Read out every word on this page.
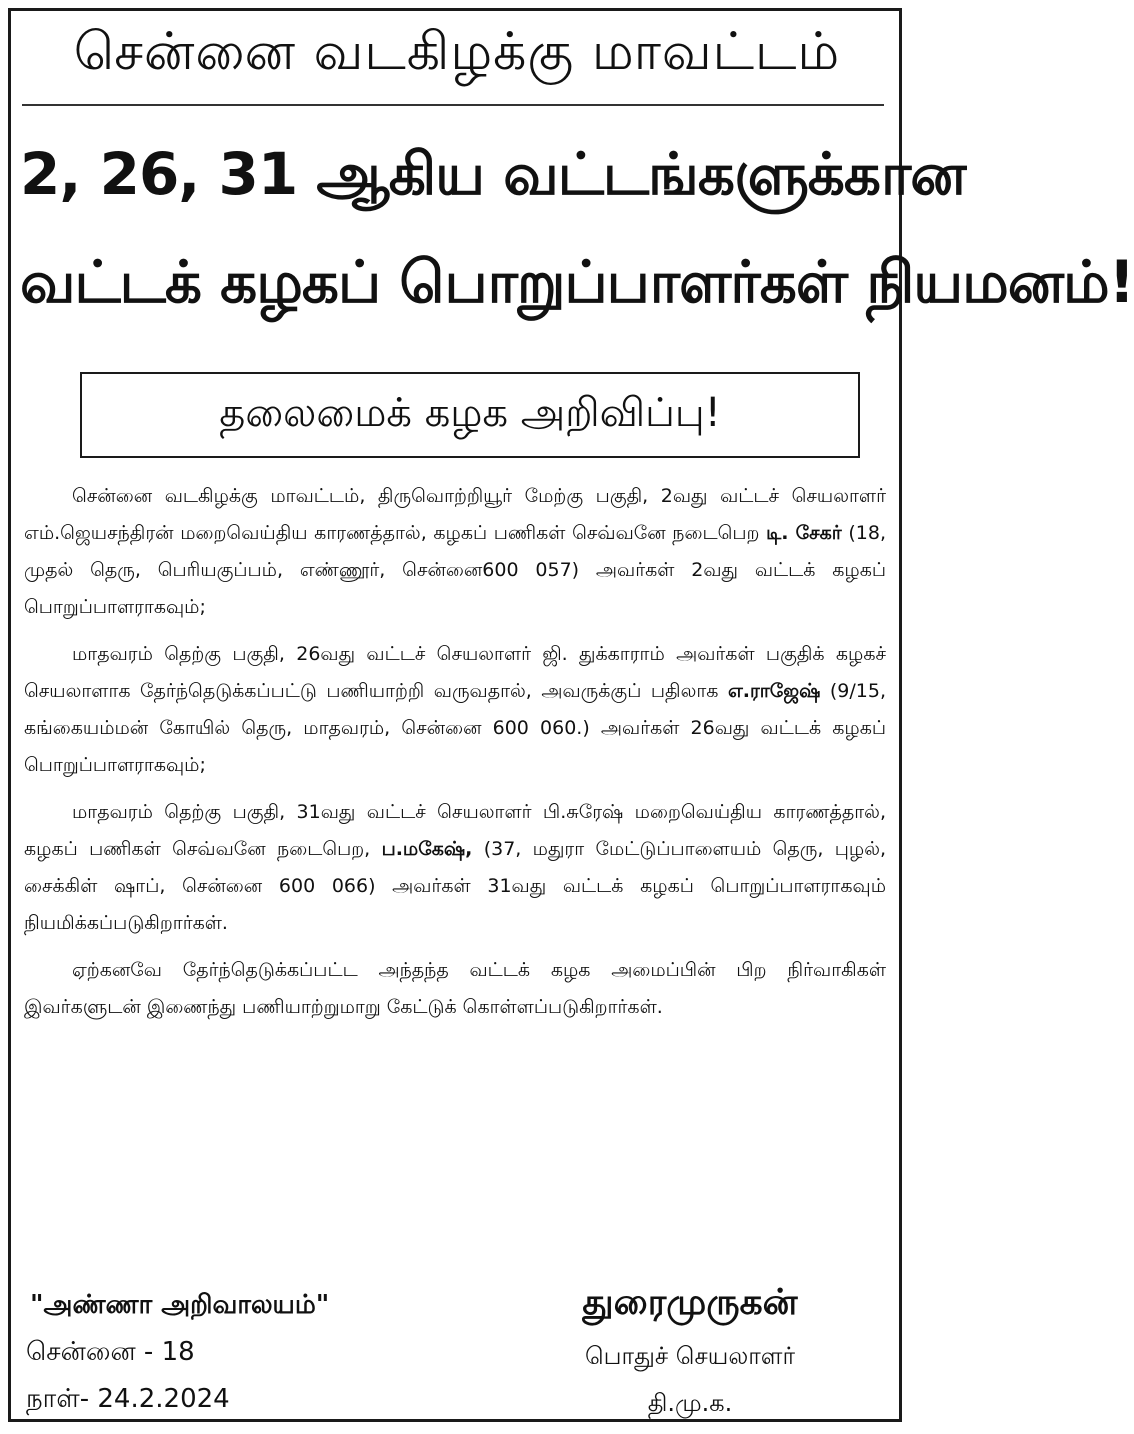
சென்னை வடகிழக்கு மாவட்டம்
2, 26, 31 ஆகிய வட்டங்களுக்கான
வட்டக் கழகப் பொறுப்பாளர்கள் நியமனம்!
தலைமைக் கழக அறிவிப்பு!

சென்னை வடகிழக்கு மாவட்டம், திருவொற்றியூர் மேற்கு பகுதி, 2வது வட்டச் செயலாளர் எம்.ஜெயசந்திரன் மறைவெய்திய காரணத்தால், கழகப் பணிகள் செவ்வனே நடைபெற டி. சேகர் (18, முதல் தெரு, பெரியகுப்பம், எண்ணூர், சென்னை600 057) அவர்கள் 2வது வட்டக் கழகப் பொறுப்பாளராகவும்;

மாதவரம் தெற்கு பகுதி, 26வது வட்டச் செயலாளர் ஜி. துக்காராம் அவர்கள் பகுதிக் கழகச் செயலாளாக தேர்ந்தெடுக்கப்பட்டு பணியாற்றி வருவதால், அவருக்குப் பதிலாக எ.ராஜேஷ் (9/15, கங்கையம்மன் கோயில் தெரு, மாதவரம், சென்னை 600 060.) அவர்கள் 26வது வட்டக் கழகப் பொறுப்பாளராகவும்;

மாதவரம் தெற்கு பகுதி, 31வது வட்டச் செயலாளர் பி.சுரேஷ் மறைவெய்திய காரணத்தால், கழகப் பணிகள் செவ்வனே நடைபெற, ப.மகேஷ், (37, மதுரா மேட்டுப்பாளையம் தெரு, புழல், சைக்கிள் ஷாப், சென்னை 600 066) அவர்கள் 31வது வட்டக் கழகப் பொறுப்பாளராகவும் நியமிக்கப்படுகிறார்கள்.

ஏற்கனவே தேர்ந்தெடுக்கப்பட்ட அந்தந்த வட்டக் கழக அமைப்பின் பிற நிர்வாகிகள் இவர்களுடன் இணைந்து பணியாற்றுமாறு கேட்டுக் கொள்ளப்படுகிறார்கள்.

"அண்ணா அறிவாலயம்"
சென்னை - 18
நாள்- 24.2.2024
துரைமுருகன்
பொதுச் செயலாளர்
தி.மு.க.
